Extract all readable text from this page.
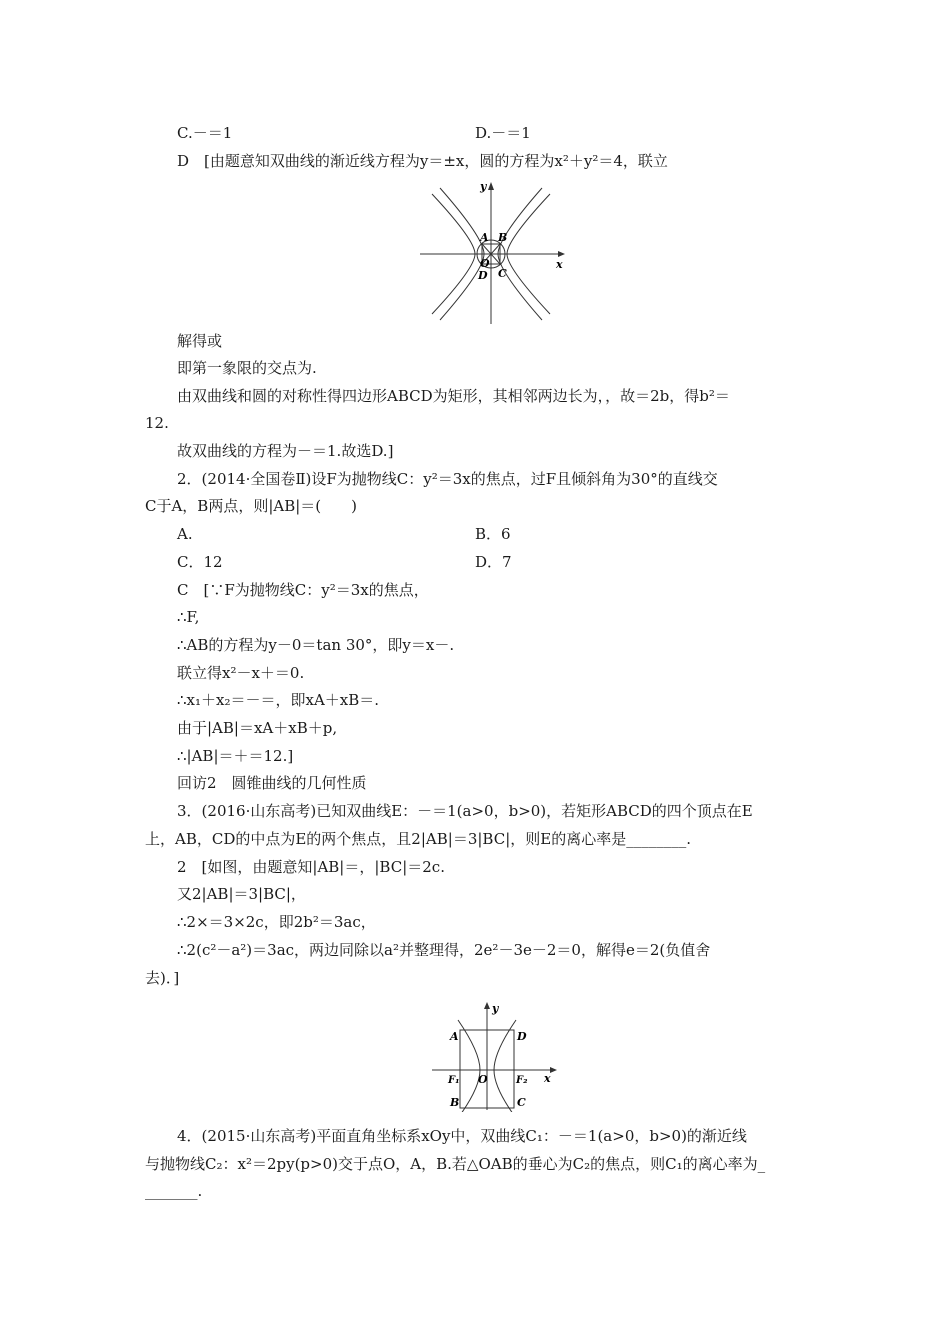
C.－＝1	D.－＝1
D　[由题意知双曲线的渐近线方程为y＝±x，圆的方程为x²＋y²＝4，联立
y
x
A B
O
C
D
解得或
即第一象限的交点为.
由双曲线和圆的对称性得四边形ABCD为矩形，其相邻两边长为，，故＝2b，得b²＝
12.
故双曲线的方程为－＝1.故选D.]
2．(2014·全国卷Ⅱ)设F为抛物线C：y²＝3x的焦点，过F且倾斜角为30°的直线交
C于A，B两点，则|AB|＝(　　)
A.	B．6
C．12	D．7
C　[∵F为抛物线C：y²＝3x的焦点，
∴F,
∴AB的方程为y－0＝tan 30°，即y＝x－.
联立得x²－x＋＝0.
∴x₁＋x₂＝－＝，即xA＋xB＝.
由于|AB|＝xA＋xB＋p,
∴|AB|＝＋＝12.]
回访2　圆锥曲线的几何性质
3．(2016·山东高考)已知双曲线E：－＝1(a>0，b>0)，若矩形ABCD的四个顶点在E
上，AB，CD的中点为E的两个焦点，且2|AB|＝3|BC|，则E的离心率是________.
2　[如图，由题意知|AB|＝，|BC|＝2c.
又2|AB|＝3|BC|，
∴2×＝3×2c，即2b²＝3ac，
∴2(c²－a²)＝3ac，两边同除以a²并整理得，2e²－3e－2＝0，解得e＝2(负值舍
去)．]
y
x
A	D
F₁ O	F₂
B	C
4．(2015·山东高考)平面直角坐标系xOy中，双曲线C₁：－＝1(a>0，b>0)的渐近线
与抛物线C₂：x²＝2py(p>0)交于点O，A，B.若△OAB的垂心为C₂的焦点，则C₁的离心率为_
_______.
